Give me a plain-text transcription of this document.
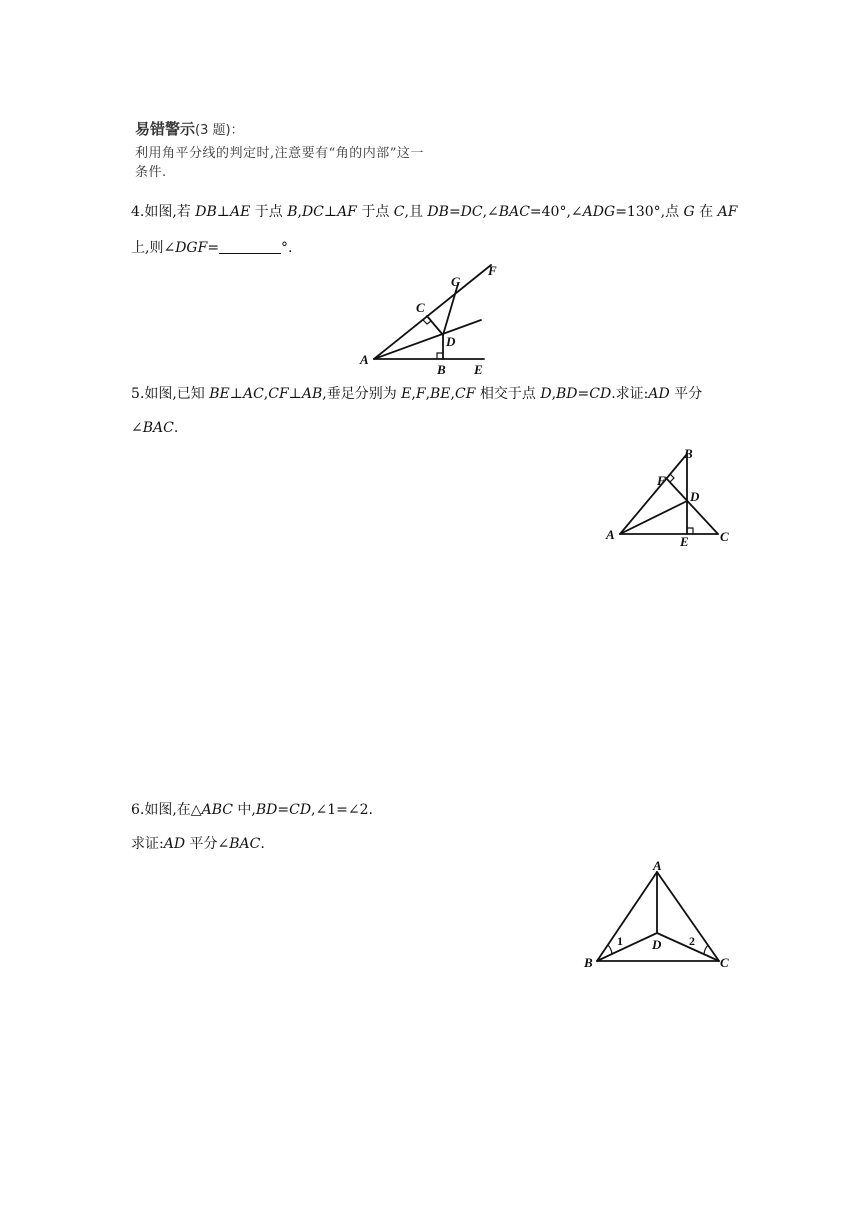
易错警示(3 题)：
利用角平分线的判定时,注意要有“角的内部”这一
条件.
4.如图,若 DB⊥AE 于点 B,DC⊥AF 于点 C,且 DB=DC,∠BAC=40°,∠ADG=130°,点 G 在 AF
上,则∠DGF=	°.
A
B E
C
D
G
F
5.如图,已知 BE⊥AC,CF⊥AB,垂足分别为 E,F,BE,CF 相交于点 D,BD=CD.求证:AD 平分
∠BAC.
A
B
C
D
E
F
6.如图,在△ABC 中,BD=CD,∠1=∠2.
求证:AD 平分∠BAC.
A
B	C
D
1	2
